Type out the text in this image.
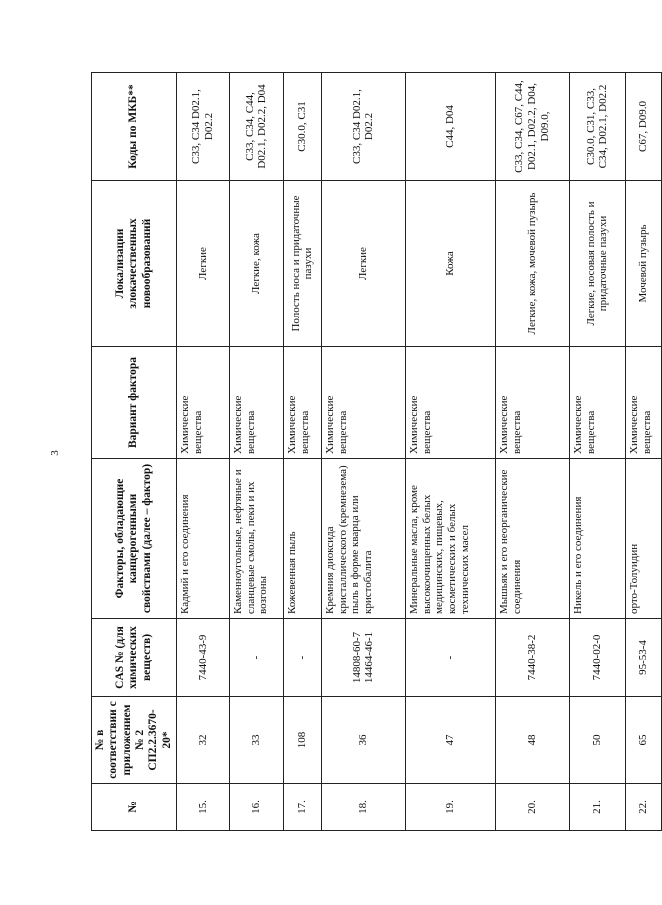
3
№	№ в соответствии с приложением № 2 СП2.2.3670-20*	CAS № (для химических веществ)	Факторы, обладающие канцерогенными свойствами (далее – фактор)	Вариант фактора	Локализации злокачественных новообразований	Коды по МКБ**
15.	32	7440-43-9	Кадмий и его соединения	Химические вещества	Легкие	C33, C34 D02.1, D02.2
16.	33	-	Каменноугольные, нефтяные и сланцевые смолы, пеки и их возгоны	Химические вещества	Легкие, кожа	C33, C34, C44, D02.1, D02.2, D04
17.	108	-	Кожевенная пыль	Химические вещества	Полость носа и придаточные пазухи	C30.0, C31
18.	36	14808-60-7 14464-46-1	Кремния диоксида кристаллического (кремнезема) пыль в форме кварца или кристобалита	Химические вещества	Легкие	C33, C34 D02.1, D02.2
19.	47	-	Минеральные масла, кроме высокоочищенных белых медицинских, пищевых, косметических и белых технических масел	Химические вещества	Кожа	C44, D04
20.	48	7440-38-2	Мышьяк и его неорганические соединения	Химические вещества	Легкие, кожа, мочевой пузырь	C33, C34, C67, C44, D02.1, D02.2, D04, D09.0,
21.	50	7440-02-0	Никель и его соединения	Химические вещества	Легкие, носовая полость и придаточные пазухи	C30.0, C31, C33, C34, D02.1, D02.2
22.	65	95-53-4	орто-Толуидин	Химические вещества	Мочевой пузырь	C67, D09.0
